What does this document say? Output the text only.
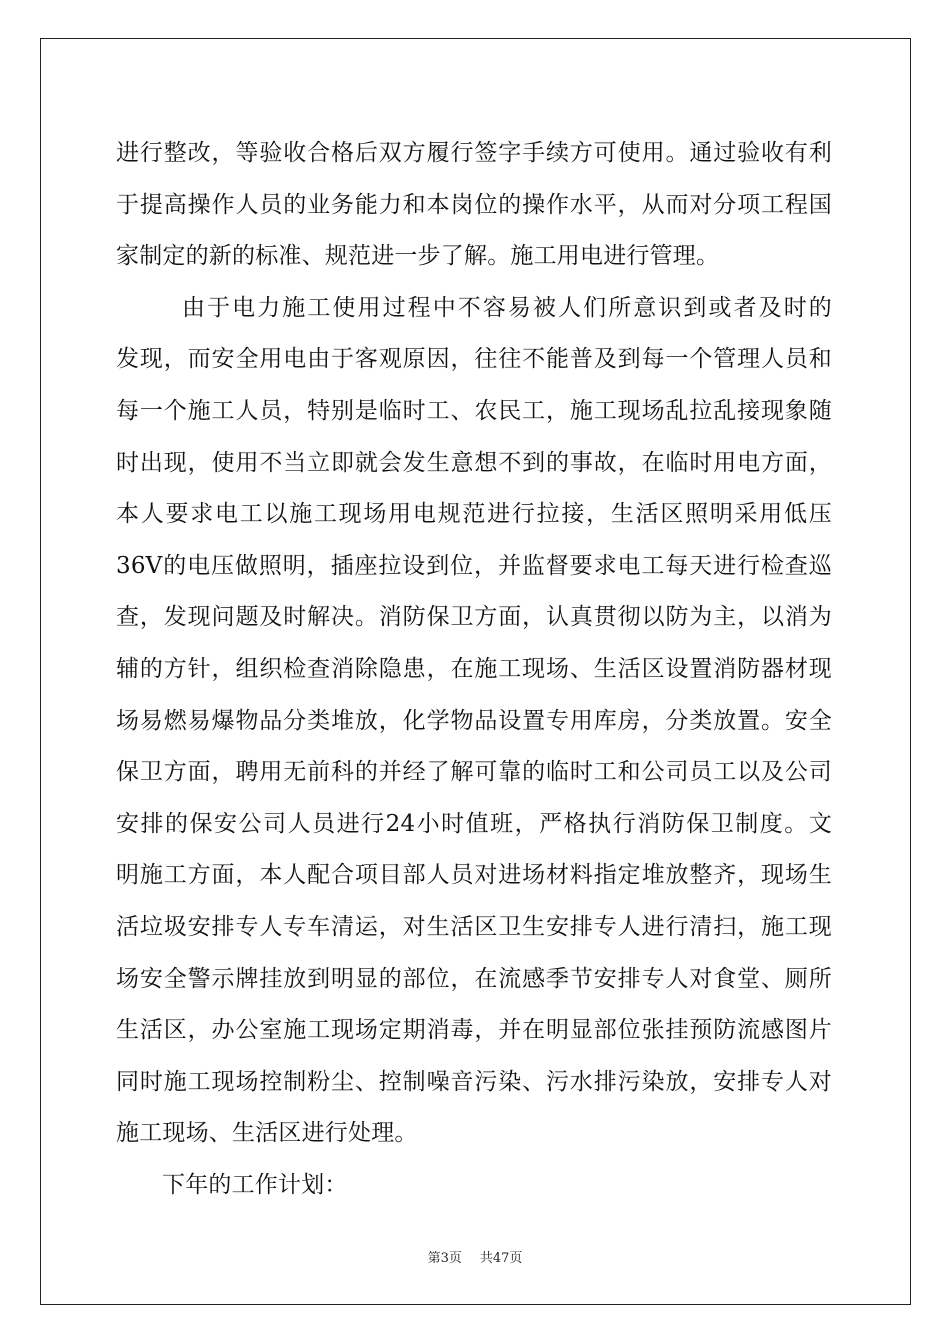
进行整改，等验收合格后双方履行签字手续方可使用。通过验收有利
于提高操作人员的业务能力和本岗位的操作水平，从而对分项工程国
家制定的新的标准、规范进一步了解。施工用电进行管理。
由于电力施工使用过程中不容易被人们所意识到或者及时的
发现，而安全用电由于客观原因，往往不能普及到每一个管理人员和
每一个施工人员，特别是临时工、农民工，施工现场乱拉乱接现象随
时出现，使用不当立即就会发生意想不到的事故，在临时用电方面，
本人要求电工以施工现场用电规范进行拉接，生活区照明采用低压
36V的电压做照明，插座拉设到位，并监督要求电工每天进行检查巡
查，发现问题及时解决。消防保卫方面，认真贯彻以防为主，以消为
辅的方针，组织检查消除隐患，在施工现场、生活区设置消防器材现
场易燃易爆物品分类堆放，化学物品设置专用库房，分类放置。安全
保卫方面，聘用无前科的并经了解可靠的临时工和公司员工以及公司
安排的保安公司人员进行24小时值班，严格执行消防保卫制度。文
明施工方面，本人配合项目部人员对进场材料指定堆放整齐，现场生
活垃圾安排专人专车清运，对生活区卫生安排专人进行清扫，施工现
场安全警示牌挂放到明显的部位，在流感季节安排专人对食堂、厕所
生活区，办公室施工现场定期消毒，并在明显部位张挂预防流感图片
同时施工现场控制粉尘、控制噪音污染、污水排污染放，安排专人对
施工现场、生活区进行处理。
下年的工作计划：
第3页 共47页
